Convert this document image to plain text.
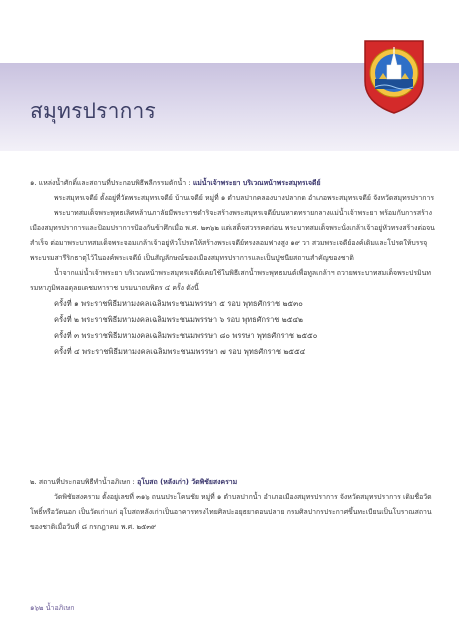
สมุทรปราการ

๑. แหล่งน้ำศักดิ์และสถานที่ประกอบพิธีพลีกรรมตักน้ำ : แม่น้ำเจ้าพระยา บริเวณหน้าพระสมุทรเจดีย์

พระสมุทรเจดีย์ ตั้งอยู่ที่วัดพระสมุทรเจดีย์ บ้านเจดีย์ หมู่ที่ ๑ ตำบลปากคลองบางปลากด อำเภอพระสมุทรเจดีย์ จังหวัดสมุทรปราการ

พระบาทสมเด็จพระพุทธเลิศหล้านภาลัยมีพระราชดำริจะสร้างพระสมุทรเจดีย์บนหาดทรายกลางแม่น้ำเจ้าพระยา พร้อมกับการสร้างเมืองสมุทรปราการและป้อมปราการป้องกันข้าศึกเมื่อ พ.ศ. ๒๓๖๒ แต่เสด็จสวรรคตก่อน พระบาทสมเด็จพระนั่งเกล้าเจ้าอยู่หัวทรงสร้างต่อจนสำเร็จ ต่อมาพระบาทสมเด็จพระจอมเกล้าเจ้าอยู่หัวโปรดให้สร้างพระเจดีย์ทรงลอมฟางสูง ๑๙ วา สวมพระเจดีย์องค์เดิมและโปรดให้บรรจุพระบรมสารีริกธาตุไว้ในองค์พระเจดีย์ เป็นสัญลักษณ์ของเมืองสมุทรปราการและเป็นปูชนียสถานสำคัญของชาติ

น้ำจากแม่น้ำเจ้าพระยา บริเวณหน้าพระสมุทรเจดีย์เคยใช้ในพิธีเสกน้ำพระพุทธมนต์เพื่อทูลเกล้าฯ ถวายพระบาทสมเด็จพระปรมินทรมหาภูมิพลอดุลยเดชมหาราช บรมนาถบพิตร ๔ ครั้ง ดังนี้

ครั้งที่ ๑ พระราชพิธีมหามงคลเฉลิมพระชนมพรรษา ๕ รอบ พุทธศักราช ๒๕๓๐
ครั้งที่ ๒ พระราชพิธีมหามงคลเฉลิมพระชนมพรรษา ๖ รอบ พุทธศักราช ๒๕๔๒
ครั้งที่ ๓ พระราชพิธีมหามงคลเฉลิมพระชนมพรรษา ๘๐ พรรษา พุทธศักราช ๒๕๕๐
ครั้งที่ ๔ พระราชพิธีมหามงคลเฉลิมพระชนมพรรษา ๗ รอบ พุทธศักราช ๒๕๕๔

๒. สถานที่ประกอบพิธีทำน้ำอภิเษก : อุโบสถ (หลังเก่า) วัดพิชัยสงคราม

วัดพิชัยสงคราม ตั้งอยู่เลขที่ ๓๑๖ ถนนประโคนชัย หมู่ที่ ๑ ตำบลปากน้ำ อำเภอเมืองสมุทรปราการ จังหวัดสมุทรปราการ เดิมชื่อวัดโพธิ์หรือวัดนอก เป็นวัดเก่าแก่ อุโบสถหลังเก่าเป็นอาคารทรงไทยศิลปะอยุธยาตอนปลาย กรมศิลปากรประกาศขึ้นทะเบียนเป็นโบราณสถานของชาติเมื่อวันที่ ๘ กรกฎาคม พ.ศ. ๒๕๓๙

๑๖๒ น้ำอภิเษก
